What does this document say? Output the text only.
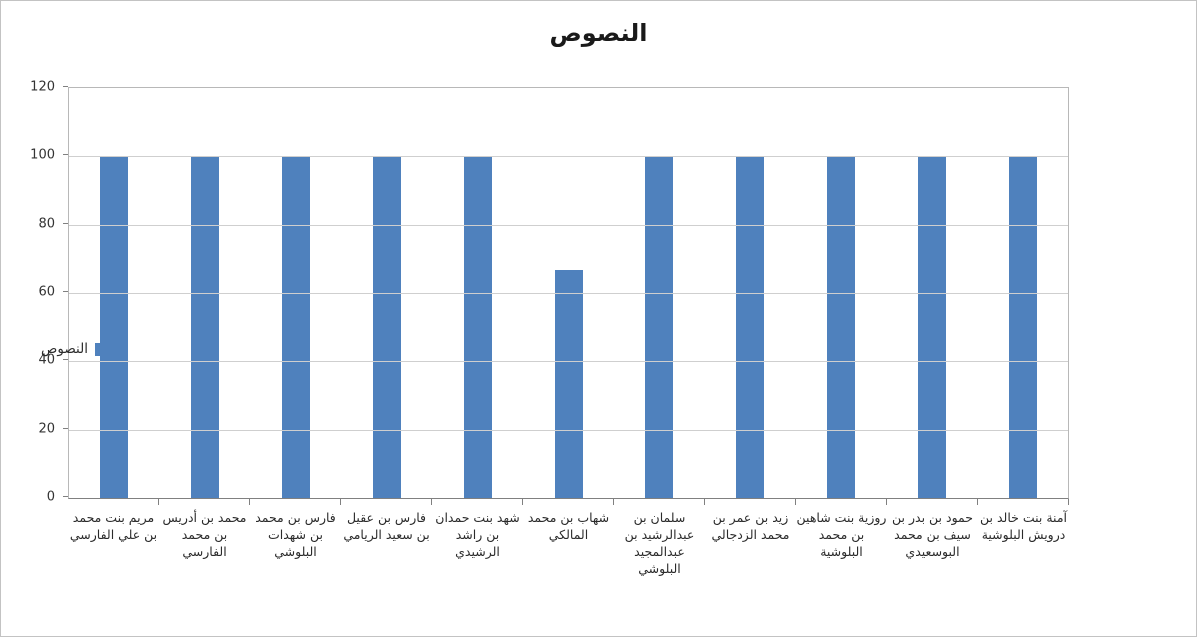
النصوص
0
20
40
60
80
100
120
آمنة بنت خالد بن درويش البلوشية
حمود بن بدر بن سيف بن محمد البوسعيدي
روزية بنت شاهين بن محمد البلوشية
زيد بن عمر بن محمد الزدجالي
سلمان بن عبدالرشيد بن عبدالمجيد البلوشي
شهاب بن محمد المالكي
شهد بنت حمدان بن راشد الرشيدي
فارس بن عقيل بن سعيد الريامي
فارس بن محمد بن شهدات البلوشي
محمد بن أدريس بن محمد الفارسي
مريم بنت محمد بن علي الفارسي
النصوص
